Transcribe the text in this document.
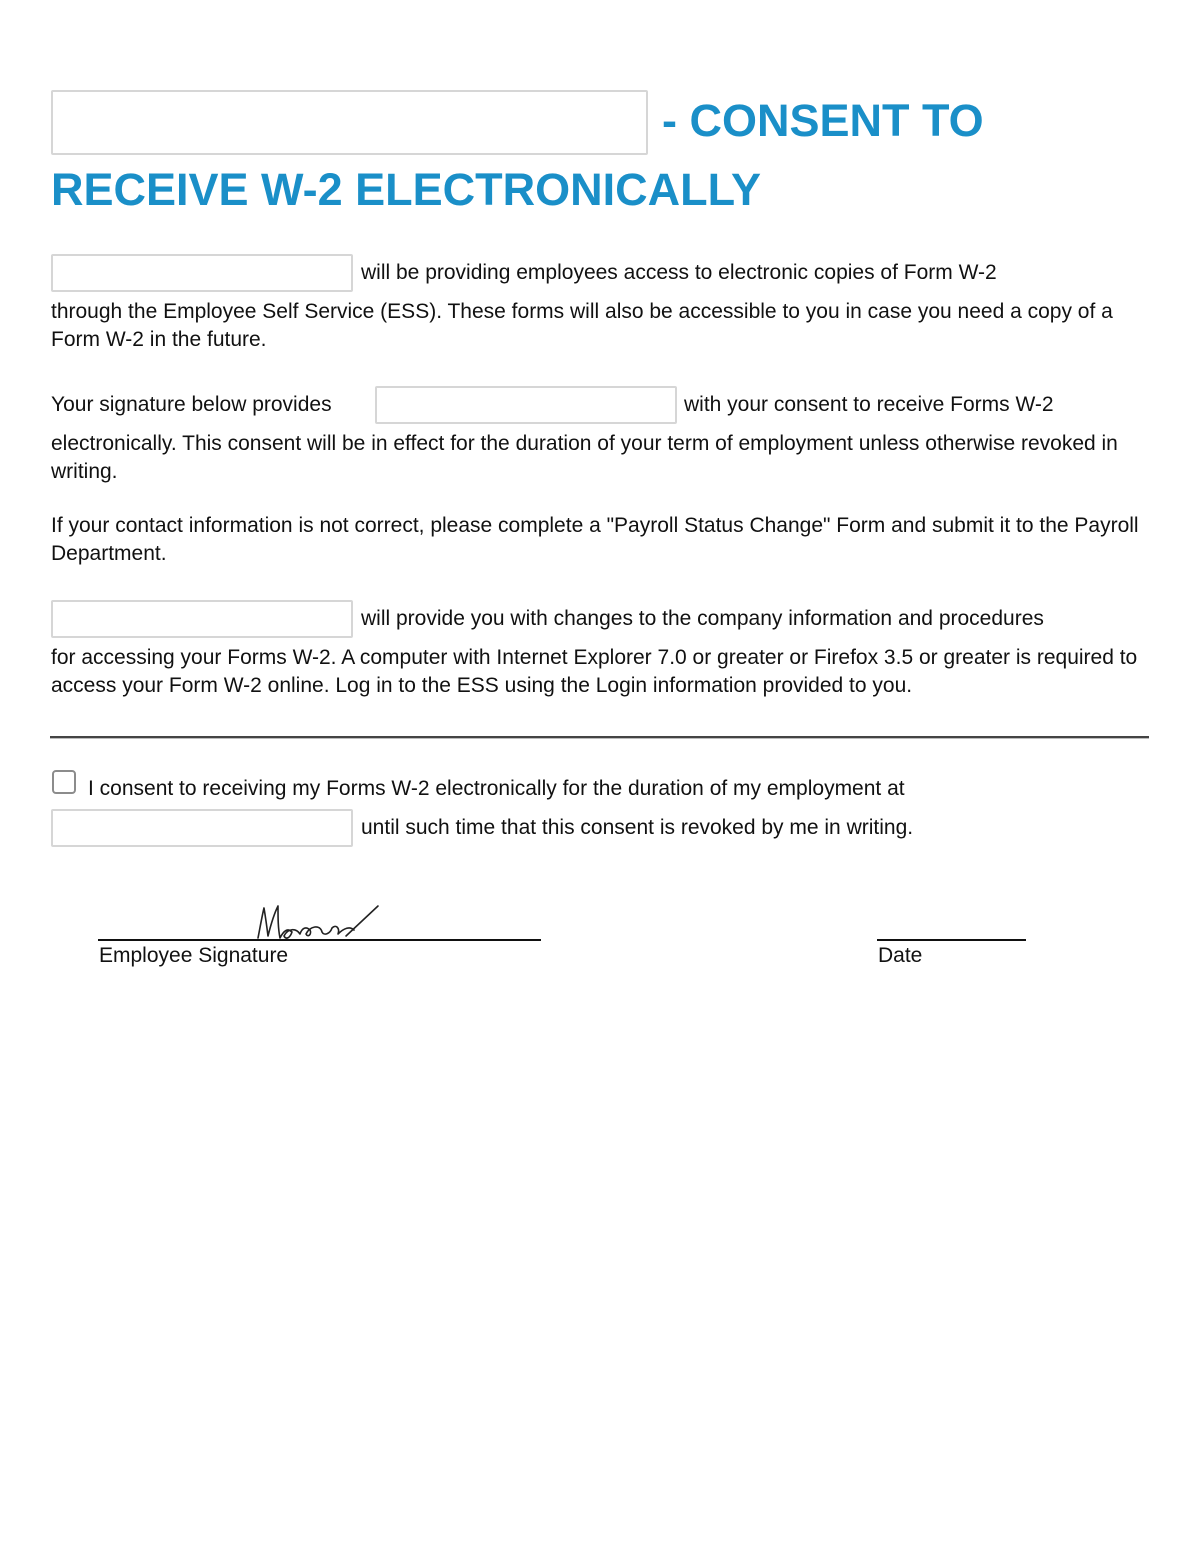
- CONSENT TO
RECEIVE W-2 ELECTRONICALLY
will be providing employees access to electronic copies of Form W-2

through the Employee Self Service (ESS). These forms will also be accessible to you in case you need a copy of a Form W-2 in the future.

Your signature below provides	with your consent to receive Forms W-2

electronically. This consent will be in effect for the duration of your term of employment unless otherwise revoked in writing.

If your contact information is not correct, please complete a "Payroll Status Change" Form and submit it to the Payroll Department.

will provide you with changes to the company information and procedures

for accessing your Forms W-2. A computer with Internet Explorer 7.0 or greater or Firefox 3.5 or greater is required to access your Form W-2 online. Log in to the ESS using the Login information provided to you.

I consent to receiving my Forms W-2 electronically for the duration of my employment at
until such time that this consent is revoked by me in writing.
Employee Signature	Date
